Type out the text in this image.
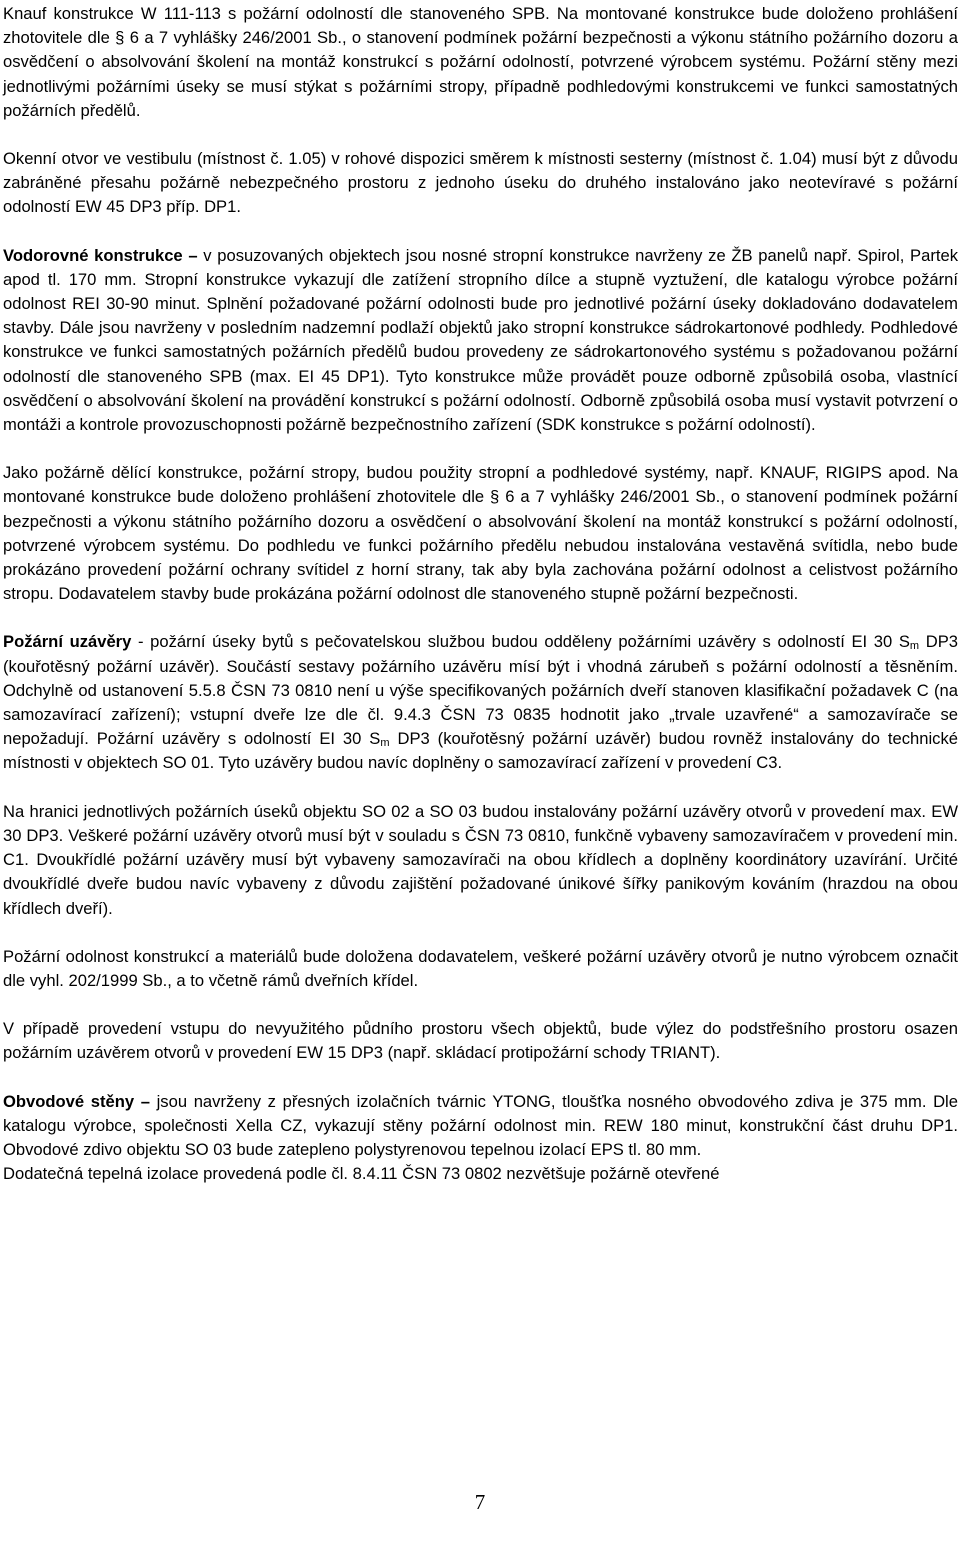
Knauf konstrukce W 111-113 s požární odolností dle stanoveného SPB. Na montované konstrukce bude doloženo prohlášení zhotovitele dle § 6 a 7 vyhlášky 246/2001 Sb., o stanovení podmínek požární bezpečnosti a výkonu státního požárního dozoru a osvědčení o absolvování školení na montáž konstrukcí s požární odolností, potvrzené výrobcem systému. Požární stěny mezi jednotlivými požárními úseky se musí stýkat s požárními stropy, případně podhledovými konstrukcemi ve funkci samostatných požárních předělů.

Okenní otvor ve vestibulu (místnost č. 1.05) v rohové dispozici směrem k místnosti sesterny (místnost č. 1.04) musí být z důvodu zabráněné přesahu požárně nebezpečného prostoru z jednoho úseku do druhého instalováno jako neotevíravé s požární odolností EW 45 DP3 příp. DP1.

Vodorovné konstrukce – v posuzovaných objektech jsou nosné stropní konstrukce navrženy ze ŽB panelů např. Spirol, Partek apod tl. 170 mm. Stropní konstrukce vykazují dle zatížení stropního dílce a stupně vyztužení, dle katalogu výrobce požární odolnost REI 30-90 minut. Splnění požadované požární odolnosti bude pro jednotlivé požární úseky dokladováno dodavatelem stavby. Dále jsou navrženy v posledním nadzemní podlaží objektů jako stropní konstrukce sádrokartonové podhledy. Podhledové konstrukce ve funkci samostatných požárních předělů budou provedeny ze sádrokartonového systému s požadovanou požární odolností dle stanoveného SPB (max. EI 45 DP1). Tyto konstrukce může provádět pouze odborně způsobilá osoba, vlastnící osvědčení o absolvování školení na provádění konstrukcí s požární odolností. Odborně způsobilá osoba musí vystavit potvrzení o montáži a kontrole provozuschopnosti požárně bezpečnostního zařízení (SDK konstrukce s požární odolností).

Jako požárně dělící konstrukce, požární stropy, budou použity stropní a podhledové systémy, např. KNAUF, RIGIPS apod. Na montované konstrukce bude doloženo prohlášení zhotovitele dle § 6 a 7 vyhlášky 246/2001 Sb., o stanovení podmínek požární bezpečnosti a výkonu státního požárního dozoru a osvědčení o absolvování školení na montáž konstrukcí s požární odolností, potvrzené výrobcem systému. Do podhledu ve funkci požárního předělu nebudou instalována vestavěná svítidla, nebo bude prokázáno provedení požární ochrany svítidel z horní strany, tak aby byla zachována požární odolnost a celistvost požárního stropu. Dodavatelem stavby bude prokázána požární odolnost dle stanoveného stupně požární bezpečnosti.

Požární uzávěry - požární úseky bytů s pečovatelskou službou budou odděleny požárními uzávěry s odolností EI 30 $S_m$ DP3 (kouřotěsný požární uzávěr). Součástí sestavy požárního uzávěru mísí být i vhodná zárubeň s požární odolností a těsněním. Odchylně od ustanovení 5.5.8 ČSN 73 0810 není u výše specifikovaných požárních dveří stanoven klasifikační požadavek C (na samozavírací zařízení); vstupní dveře lze dle čl. 9.4.3 ČSN 73 0835 hodnotit jako „trvale uzavřené“ a samozavírače se nepožadují. Požární uzávěry s odolností EI 30 $S_m$ DP3 (kouřotěsný požární uzávěr) budou rovněž instalovány do technické místnosti v objektech SO 01. Tyto uzávěry budou navíc doplněny o samozavírací zařízení v provedení C3.

Na hranici jednotlivých požárních úseků objektu SO 02 a SO 03 budou instalovány požární uzávěry otvorů v provedení max. EW 30 DP3. Veškeré požární uzávěry otvorů musí být v souladu s ČSN 73 0810, funkčně vybaveny samozavíračem v provedení min. C1. Dvoukřídlé požární uzávěry musí být vybaveny samozavírači na obou křídlech a doplněny koordinátory uzavírání. Určité dvoukřídlé dveře budou navíc vybaveny z důvodu zajištění požadované únikové šířky panikovým kováním (hrazdou na obou křídlech dveří).

Požární odolnost konstrukcí a materiálů bude doložena dodavatelem, veškeré požární uzávěry otvorů je nutno výrobcem označit dle vyhl. 202/1999 Sb., a to včetně rámů dveřních křídel.

V případě provedení vstupu do nevyužitého půdního prostoru všech objektů, bude výlez do podstřešního prostoru osazen požárním uzávěrem otvorů v provedení EW 15 DP3 (např. skládací protipožární schody TRIANT).

Obvodové stěny – jsou navrženy z přesných izolačních tvárnic YTONG, tloušťka nosného obvodového zdiva je 375 mm. Dle katalogu výrobce, společnosti Xella CZ, vykazují stěny požární odolnost min. REW 180 minut, konstrukční část druhu DP1. Obvodové zdivo objektu SO 03 bude zatepleno polystyrenovou tepelnou izolací EPS tl. 80 mm.

Dodatečná tepelná izolace provedená podle čl. 8.4.11 ČSN 73 0802 nezvětšuje požárně otevřené

7
